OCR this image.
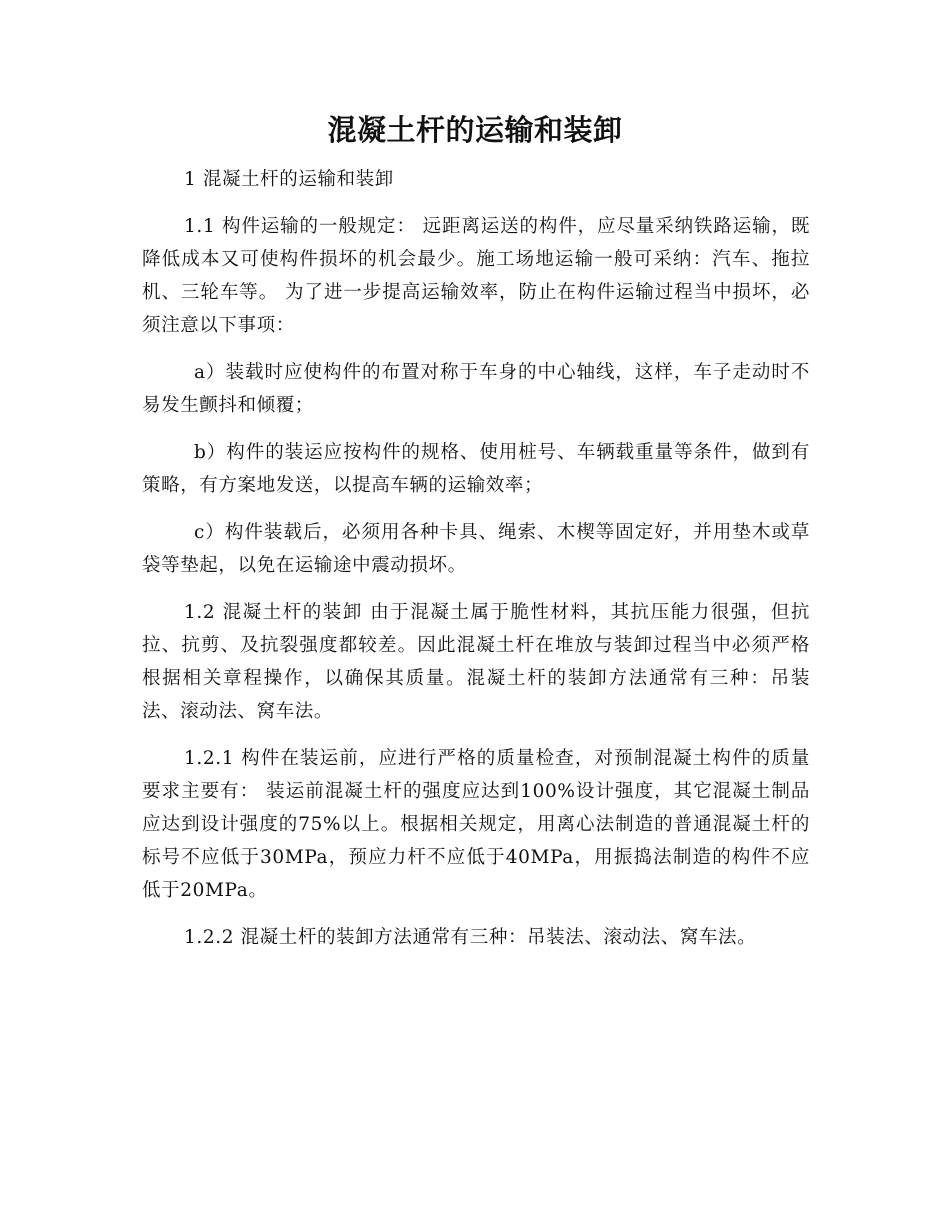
混凝土杆的运输和装卸

1 混凝土杆的运输和装卸

1.1 构件运输的一般规定： 远距离运送的构件，应尽量采纳铁路运输，既降低成本又可使构件损坏的机会最少。施工场地运输一般可采纳：汽车、拖拉机、三轮车等。 为了进一步提高运输效率，防止在构件运输过程当中损坏，必须注意以下事项：

a）装载时应使构件的布置对称于车身的中心轴线，这样，车子走动时不易发生颤抖和倾覆；

b）构件的装运应按构件的规格、使用桩号、车辆载重量等条件，做到有策略，有方案地发送，以提高车辆的运输效率；

c）构件装载后，必须用各种卡具、绳索、木楔等固定好，并用垫木或草袋等垫起，以免在运输途中震动损坏。

1.2 混凝土杆的装卸 由于混凝土属于脆性材料，其抗压能力很强，但抗拉、抗剪、及抗裂强度都较差。因此混凝土杆在堆放与装卸过程当中必须严格根据相关章程操作，以确保其质量。混凝土杆的装卸方法通常有三种：吊装法、滚动法、窝车法。

1.2.1 构件在装运前，应进行严格的质量检查，对预制混凝土构件的质量要求主要有： 装运前混凝土杆的强度应达到100%设计强度，其它混凝土制品应达到设计强度的75%以上。根据相关规定，用离心法制造的普通混凝土杆的标号不应低于30MPa，预应力杆不应低于40MPa，用振捣法制造的构件不应低于20MPa。

1.2.2 混凝土杆的装卸方法通常有三种：吊装法、滚动法、窝车法。
